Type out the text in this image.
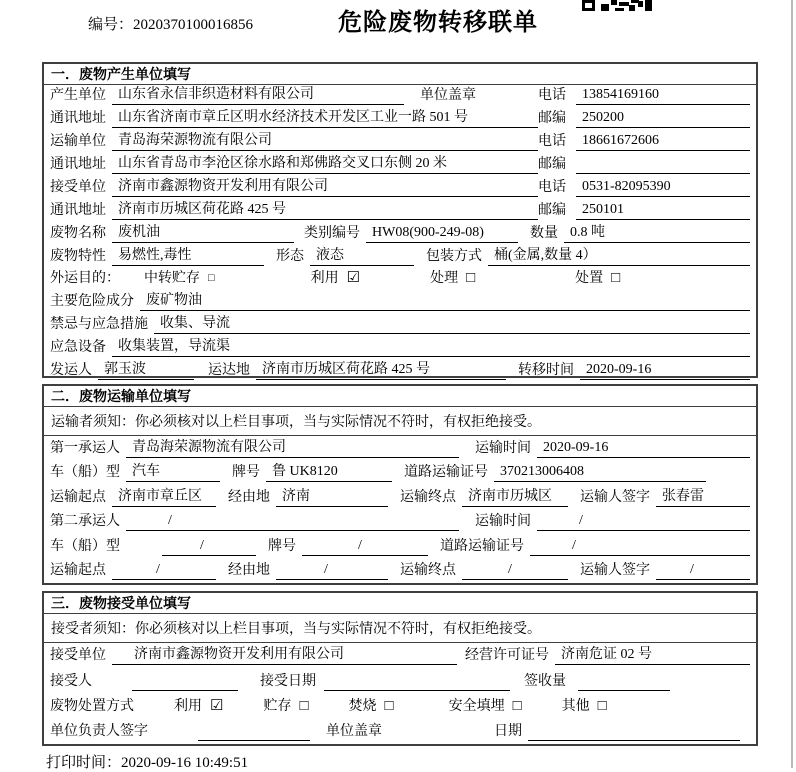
编号：2020370100016856	危险废物转移联单
一．废物产生单位填写
产生单位 山东省永信非织造材料有限公司	单位盖章	电话	13854169160
通讯地址 山东省济南市章丘区明水经济技术开发区工业一路 501 号	邮编	250200
运输单位 青岛海荣源物流有限公司	电话	18661672606
通讯地址 山东省青岛市李沧区徐水路和郑佛路交叉口东侧 20 米	邮编
接受单位 济南市鑫源物资开发利用有限公司	电话	0531-82095390
通讯地址 济南市历城区荷花路 425 号	邮编	250101
废物名称 废机油	类别编号 HW08(900-249-08)	数量 0.8 吨
废物特性 易燃性,毒性	形态 液态	包装方式 桶(金属,数量 4）
外运目的： 中转贮存 □	利用 ☑	处理 □	处置 □
主要危险成分 废矿物油
禁忌与应急措施 收集、导流
应急设备 收集装置，导流渠
发运人 郭玉波	运达地 济南市历城区荷花路 425 号	转移时间 2020-09-16
二．废物运输单位填写
运输者须知：你必须核对以上栏目事项，当与实际情况不符时，有权拒绝接受。
第一承运人 青岛海荣源物流有限公司	运输时间 2020-09-16
车（船）型 汽车	牌号 鲁 UK8120	道路运输证号 370213006408
运输起点 济南市章丘区	经由地 济南	运输终点 济南市历城区	运输人签字 张春雷
第二承运人	/	运输时间	/
车（船）型	/	牌号	/	道路运输证号	/
运输起点	/	经由地	/	运输终点	/	运输人签字	/
三．废物接受单位填写
接受者须知：你必须核对以上栏目事项，当与实际情况不符时，有权拒绝接受。
接受单位	济南市鑫源物资开发利用有限公司	经营许可证号 济南危证 02 号
接受人	接受日期	签收量
废物处置方式	利用 ☑	贮存 □	焚烧 □	安全填埋 □	其他 □
单位负责人签字	单位盖章	日期
打印时间：2020-09-16 10:49:51
